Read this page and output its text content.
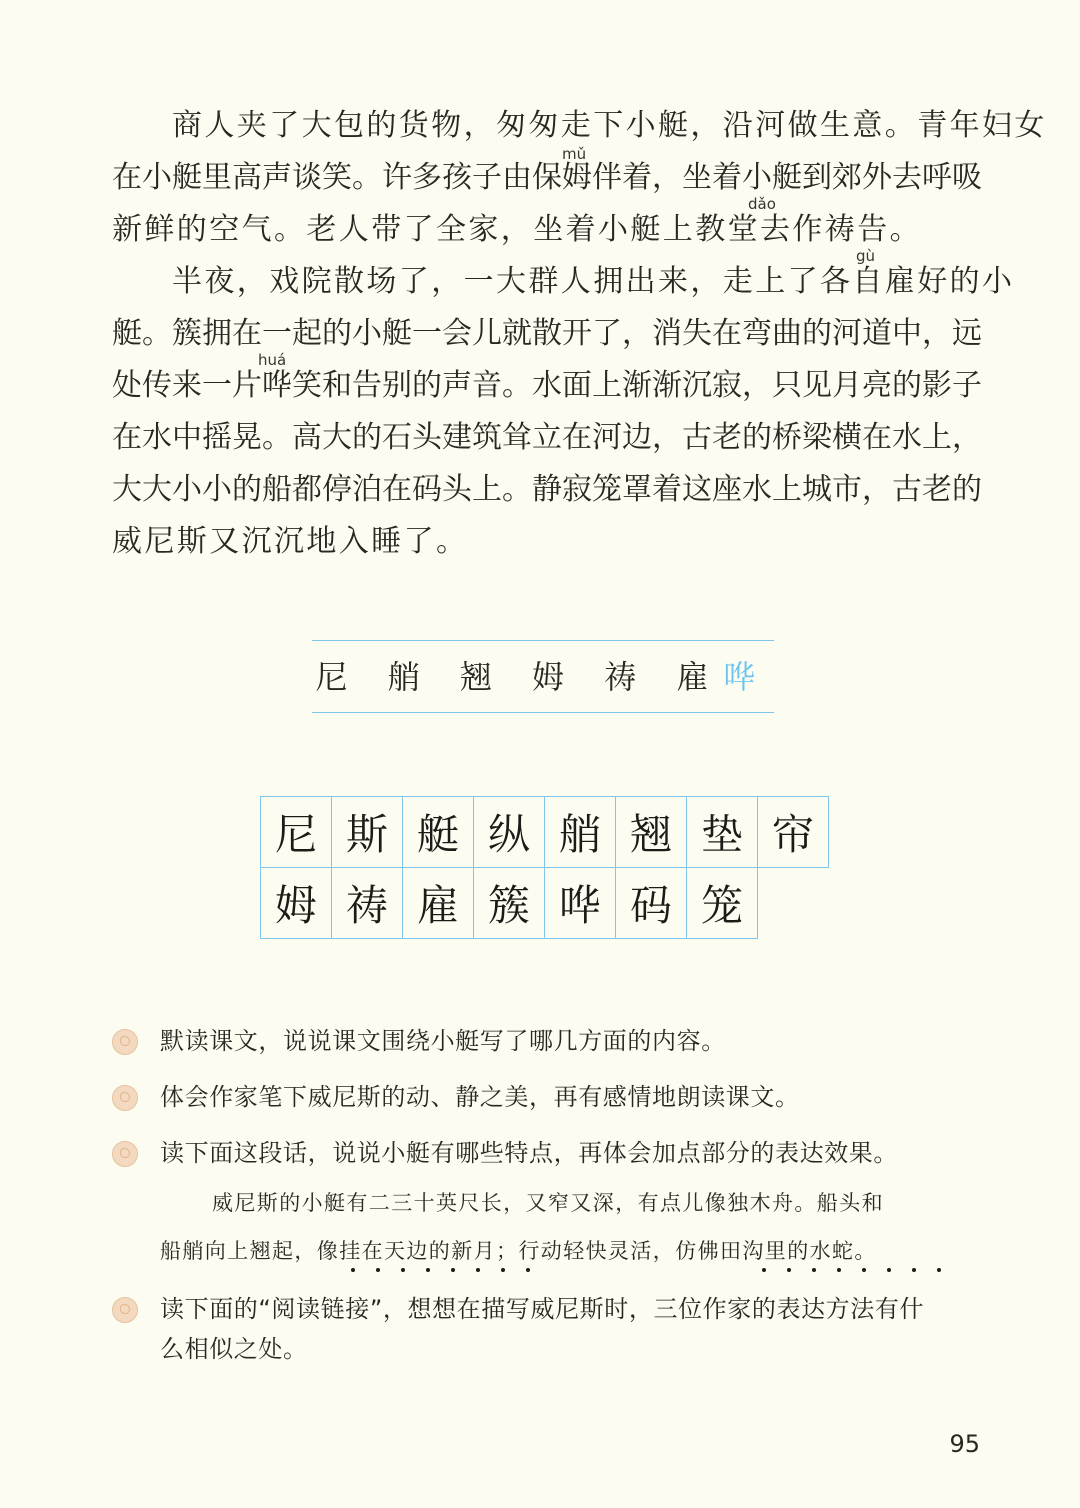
商人夹了大包的货物，匆匆走下小艇，沿河做生意。青年妇女
在小艇里高声谈笑。许多孩子由保姆伴着，坐着小艇到郊外去呼吸
新鲜的空气。老人带了全家，坐着小艇上教堂去作祷告。
半夜，戏院散场了，一大群人拥出来，走上了各自雇好的小
艇。簇拥在一起的小艇一会儿就散开了，消失在弯曲的河道中，远
处传来一片哗笑和告别的声音。水面上渐渐沉寂，只见月亮的影子
在水中摇晃。高大的石头建筑耸立在河边，古老的桥梁横在水上，
大大小小的船都停泊在码头上。静寂笼罩着这座水上城市，古老的
威尼斯又沉沉地入睡了。
mǔ
dǎo
gù
huá
尼 艄 翘 姆 祷 雇哗
尼 斯 艇 纵 艄 翘 垫 帘
姆 祷 雇 簇 哗 码 笼
默读课文，说说课文围绕小艇写了哪几方面的内容。
体会作家笔下威尼斯的动、静之美，再有感情地朗读课文。
读下面这段话，说说小艇有哪些特点，再体会加点部分的表达效果。
威尼斯的小艇有二三十英尺长，又窄又深，有点儿像独木舟。船头和
船艄向上翘起，像挂在天边的新月；行动轻快灵活，仿佛田沟里的水蛇。
读下面的“阅读链接”，想想在描写威尼斯时，三位作家的表达方法有什
么相似之处。
95
